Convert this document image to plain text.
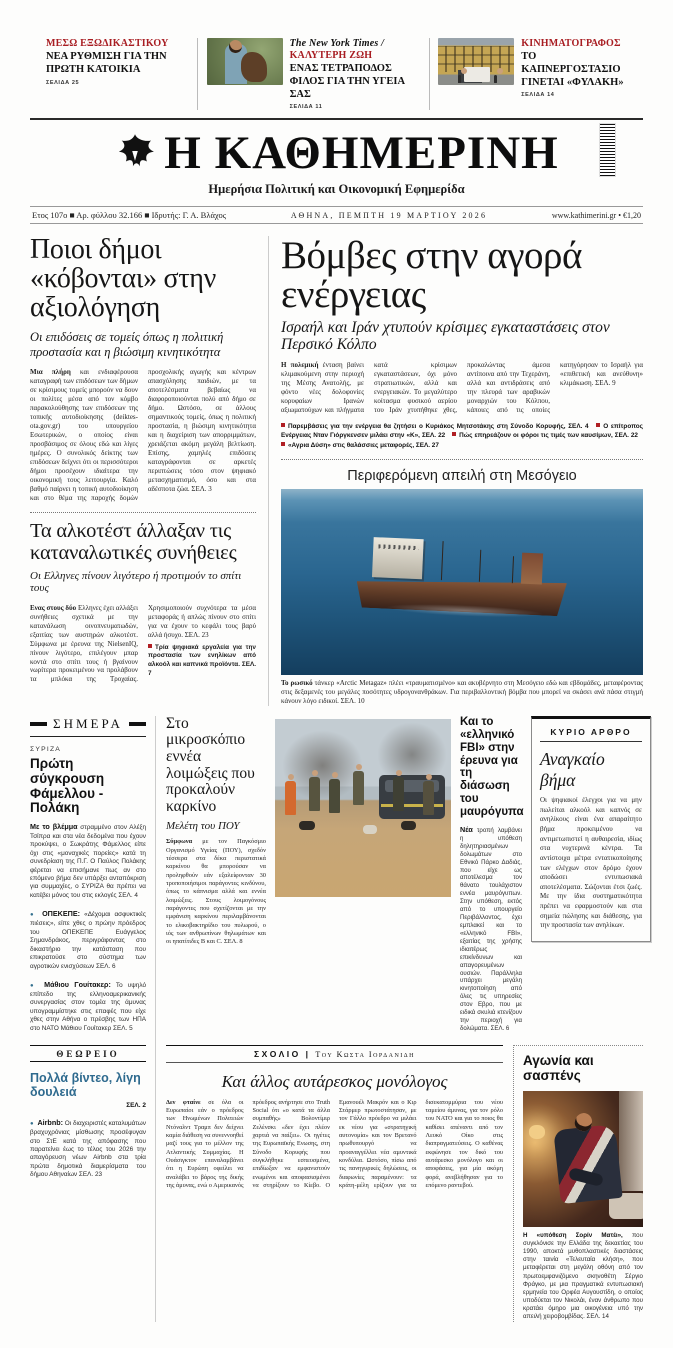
ΜΕΣΩ ΕΞΩΔΙΚΑΣΤΙΚΟΥ
ΝΕΑ ΡΥΘΜΙΣΗ ΓΙΑ ΤΗΝ ΠΡΩΤΗ ΚΑΤΟΙΚΙΑ
ΣΕΛΙΔΑ 25
The New York Times / ΚΑΛΥΤΕΡΗ ΖΩΗ
ΕΝΑΣ ΤΕΤΡΑΠΟΔΟΣ ΦΙΛΟΣ ΓΙΑ ΤΗΝ ΥΓΕΙΑ ΣΑΣ
ΣΕΛΙΔΑ 11
ΚΙΝΗΜΑΤΟΓΡΑΦΟΣ
ΤΟ ΚΑΠΝΕΡΓΟΣΤΑΣΙΟ ΓΙΝΕΤΑΙ «ΦΥΛΑΚΗ»
ΣΕΛΙΔΑ 14
Η ΚΑΘΗΜΕΡΙΝΗ
Ημερήσια Πολιτική και Οικονομική Εφημερίδα
Ετος 107ο ■ Αρ. φύλλου 32.166 ■ Ιδρυτής: Γ. Α. Βλάχος	ΑΘΗΝΑ, ΠΕΜΠΤΗ 19 ΜΑΡΤΙΟΥ 2026	www.kathimerini.gr • €1,20
Ποιοι δήμοι «κόβονται» στην αξιολόγηση
Οι επιδόσεις σε τομείς όπως η πολιτική προστασία και η βιώσιμη κινητικότητα
Μια πλήρη και ενδιαφέρουσα καταγραφή των επιδόσεων των δήμων σε κρίσιμους τομείς μπορούν να δουν οι πολίτες μέσα από τον κόμβο παρακολούθησης των επιδόσεων της τοπικής αυτοδιοίκησης (deiktes-ota.gov.gr) του υπουργείου Εσωτερικών, ο οποίος είναι προσβάσιμος σε όλους εδώ και λίγες ημέρες. Ο συνολικός δείκτης των επιδόσεων δείχνει ότι οι περισσότεροι δήμοι προσέχουν ιδιαίτερα την οικονομική τους λειτουργία. Καλό βαθμό παίρνει η τοπική αυτοδιοίκηση και στο θέμα της παροχής δομών προσχολικής αγωγής και κέντρων απασχόλησης παιδιών, με τα αποτελέσματα βεβαίως να διαφοροποιούνται πολύ από δήμο σε δήμο. Ωστόσο, σε άλλους σημαντικούς τομείς, όπως η πολιτική προστασία, η βιώσιμη κινητικότητα και η διαχείριση των απορριμμάτων, χρειάζεται ακόμη μεγάλη βελτίωση. Επίσης, χαμηλές επιδόσεις καταγράφονται σε αρκετές περιπτώσεις τόσο στον ψηφιακό μετασχηματισμό, όσο και στα αδέσποτα ζώα. ΣΕΛ. 3
Τα αλκοτέστ άλλαξαν τις καταναλωτικές συνήθειες
Οι Ελληνες πίνουν λιγότερο ή προτιμούν το σπίτι τους
Ενας στους δύο Ελληνες έχει αλλάξει συνήθειες σχετικά με την κατανάλωση οινοπνευματωδών, εξαιτίας των αυστηρών αλκοτέστ. Σύμφωνα με έρευνα της NielsenIQ, πίνουν λιγότερο, επιλέγουν μπαρ κοντά στο σπίτι τους ή βγαίνουν νωρίτερα προκειμένου να προλάβουν τα μπλόκα της Τροχαίας. Χρησιμοποιούν συχνότερα τα μέσα μεταφοράς ή απλώς πίνουν στο σπίτι για να έχουν το κεφάλι τους βαρύ αλλά ήσυχο. ΣΕΛ. 23
Τρία ψηφιακά εργαλεία για την προστασία των ενηλίκων από αλκοόλ και καπνικά προϊόντα. ΣΕΛ. 7
Βόμβες στην αγορά ενέργειας
Ισραήλ και Ιράν χτυπούν κρίσιμες εγκαταστάσεις στον Περσικό Κόλπο
Η πολεμική ένταση βαίνει κλιμακούμενη στην περιοχή της Μέσης Ανατολής, με φόντο νέες δολοφονίες κορυφαίων Ιρανών αξιωματούχων και πλήγματα κατά κρίσιμων εγκαταστάσεων, όχι μόνο στρατιωτικών, αλλά και ενεργειακών. Το μεγαλύτερο κοίτασμα φυσικού αερίου του Ιράν χτυπήθηκε χθες, προκαλώντας άμεσα αντίποινα από την Τεχεράνη, αλλά και αντιδράσεις από την πλευρά των αραβικών μοναρχιών του Κόλπου, κάποιες από τις οποίες κατηγόρησαν το Ισραήλ για «επιθετική και ανεύθυνη» κλιμάκωση. ΣΕΛ. 9
Παρεμβάσεις για την ενέργεια θα ζητήσει ο Κυριάκος Μητσοτάκης στη Σύνοδο Κορυφής, ΣΕΛ. 4 Ο επίτροπος Ενέργειας Νταν Γιόργκενσεν μιλάει στην «Κ», ΣΕΛ. 22 Πώς επηρεάζουν οι φόροι τις τιμές των καυσίμων, ΣΕΛ. 22 «Αγρια Δύση» στις θαλάσσιες μεταφορές, ΣΕΛ. 27
Περιφερόμενη απειλή στη Μεσόγειο
Το ρωσικό τάνκερ «Arctic Metagaz» πλέει «τραυματισμένο» και ακυβέρνητο στη Μεσόγειο εδώ και εβδομάδες, μεταφέροντας στις δεξαμενές του μεγάλες ποσότητες υδρογονανθράκων. Για περιβαλλοντική βόμβα που μπορεί να σκάσει ανά πάσα στιγμή κάνουν λόγο ειδικοί. ΣΕΛ. 10
ΣΗΜΕΡΑ
ΣΥΡΙΖΑ
Πρώτη σύγκρουση Φάμελλου - Πολάκη
Με το βλέμμα στραμμένο στον Αλέξη Τσίπρα και στα νέα δεδομένα που έχουν προκύψει, ο Σωκράτης Φάμελλος είπε όχι στις «μοναχικές πορείες» κατά τη συνεδρίαση της Π.Γ. Ο Παύλος Πολάκης φέρεται να επισήμανε πως αν στο επόμενο βήμα δεν υπάρξει ανταπόκριση για συμμαχίες, ο ΣΥΡΙΖΑ θα πρέπει να κατέβει μόνος του στις εκλογές ΣΕΛ. 4
● ΟΠΕΚΕΠΕ: «Δέχομαι ασφυκτικές πιέσεις», είπε χθες ο πρώην πρόεδρος του ΟΠΕΚΕΠΕ Ευάγγελος Σημανδράκος, περιγράφοντας στο δικαστήριο την κατάσταση που επικρατούσε στο σύστημα των αγροτικών ενισχύσεων ΣΕΛ. 6
● Μάθιου Γουίτακερ: Το υψηλό επίπεδο της ελληνοαμερικανικής συνεργασίας στον τομέα της άμυνας υπογραμμίστηκε στις επαφές που είχε χθες στην Αθήνα ο πρέσβης των ΗΠΑ στο ΝΑΤΟ Μάθιου Γουίτακερ ΣΕΛ. 5
ΘΕΩΡΕΙΟ
Πολλά βίντεο, λίγη δουλειά
ΣΕΛ. 2
● Airbnb: Οι διαχειριστές καταλυμάτων βραχυχρόνιας μίσθωσης προσέφυγαν στο ΣτΕ κατά της απόφασης που παρατείνει έως το τέλος του 2026 την απαγόρευση νέων Airbnb στα τρία πρώτα δημοτικά διαμερίσματα του δήμου Αθηναίων ΣΕΛ. 23
Στο μικροσκόπιο εννέα λοιμώξεις που προκαλούν καρκίνο
Μελέτη του ΠΟΥ
Σύμφωνα με τον Παγκόσμιο Οργανισμό Υγείας (ΠΟΥ), σχεδόν τέσσερα στα δέκα περιστατικά καρκίνου θα μπορούσαν να προληφθούν εάν εξαλείφονταν 30 τροποποιήσιμοι παράγοντες κινδύνου, όπως το κάπνισμα αλλά και εννέα λοιμώξεις. Στους λοιμογόνους παράγοντες που σχετίζονται με την εμφάνιση καρκίνου περιλαμβάνονται το ελικοβακτηρίδιο του πυλωρού, ο ιός των ανθρωπίνων θηλωμάτων και οι ηπατίτιδες Β και C. ΣΕΛ. 8
Και το «ελληνικό FBI» στην έρευνα για τη διάσωση του μαυρόγυπα
Νέα τροπή λαμβάνει η υπόθεση δηλητηριασμένων δολωμάτων στο Εθνικό Πάρκο Δαδιάς, που είχε ως αποτέλεσμα τον θάνατο τουλάχιστον εννέα μαυρόγυπων. Στην υπόθεση, εκτός από το υπουργείο Περιβάλλοντος, έχει εμπλακεί και το «ελληνικό FBI», εξαιτίας της χρήσης ιδιαιτέρως επικίνδυνων και απαγορευμένων ουσιών. Παράλληλα υπάρχει μεγάλη κινητοποίηση από όλες τις υπηρεσίες στον Εβρο, που με ειδικά σκυλιά κτενίζουν την περιοχή για δολώματα. ΣΕΛ. 6
ΚΥΡΙΟ ΑΡΘΡΟ
Αναγκαίο βήμα
Οι ψηφιακοί έλεγχοι για να μην πωλείται αλκοόλ και καπνός σε ανηλίκους είναι ένα απαραίτητο βήμα προκειμένου να αντιμετωπιστεί η αυθαιρεσία, ιδίως στα νυχτερινά κέντρα. Τα αντίστοιχα μέτρα εντατικοποίησης των ελέγχων στον δρόμο έχουν αποδώσει εντυπωσιακά αποτελέσματα. Σώζονται έτσι ζωές. Με την ίδια συστηματικότητα πρέπει να εφαρμοστούν και στα σημεία πώλησης και διάθεσης, για την προστασία των ανηλίκων.
ΣΧΟΛΙΟ | Του Κώστα Ιορδανίδη
Και άλλος αυτάρεσκος μονόλογος
Δεν φταίνε σε όλα οι Ευρωπαίοι εάν ο πρόεδρος των Ηνωμένων Πολιτειών Ντόναλντ Τραμπ δεν δείχνει καμία διάθεση να συνεννοηθεί μαζί τους για το μέλλον της Ατλαντικής Συμμαχίας. Η Ουάσιγκτον επαναλαμβάνει ότι η Ευρώπη οφείλει να αναλάβει το βάρος της δικής της άμυνας, ενώ ο Αμερικανός πρόεδρος ανήρτησε στο Truth Social ότι «ο κατά τα άλλα συμπαθής» Βολοντίμιρ Ζελένσκι «δεν έχει πλέον χαρτιά να παίξει». Οι ηγέτες της Ευρωπαϊκής Ενωσης, στη Σύνοδο Κορυφής που συγκλήθηκε εσπευσμένα, επιδίωξαν να εμφανιστούν ενωμένοι και αποφασισμένοι να στηρίξουν το Κίεβο. Ο Εμανουέλ Μακρόν και ο Κιρ Στάρμερ πρωτοστάτησαν, με τον Γάλλο πρόεδρο να μιλάει εκ νέου για «στρατηγική αυτονομία» και τον Βρετανό πρωθυπουργό να προαναγγέλλει νέα αμυντικά κονδύλια. Ωστόσο, πίσω από τις πανηγυρικές δηλώσεις, οι διαφωνίες παραμένουν: τα κράτη-μέλη ερίζουν για τα δισεκατομμύρια του νέου ταμείου άμυνας, για τον ρόλο του ΝΑΤΟ και για το ποιος θα καθίσει απέναντι από τον Λευκό Οίκο στις διαπραγματεύσεις. Ο καθένας εκφώνησε τον δικό του αυτάρεσκο μονόλογο και οι αποφάσεις, για μία ακόμη φορά, ανεβλήθησαν για το επόμενο ραντεβού.
Αγωνία και σασπένς
Η «υπόθεση Σορίν Ματέι», που συγκλόνισε την Ελλάδα της δεκαετίας του 1990, αποκτά μυθοπλαστικές διαστάσεις στην ταινία «Τελευταία κλήση», που μεταφέρεται στη μεγάλη οθόνη από τον πρωτοεμφανιζόμενο σκηνοθέτη Σέργιο Φράγκο, με μια πραγματικά εντυπωσιακή ερμηνεία του Ορφέα Αυγουστίδη, ο οποίος υποδύεται τον Νικολάι, έναν άνθρωπο που κρατάει όμηρο μια οικογένεια υπό την απειλή χειροβομβίδας. ΣΕΛ. 14
